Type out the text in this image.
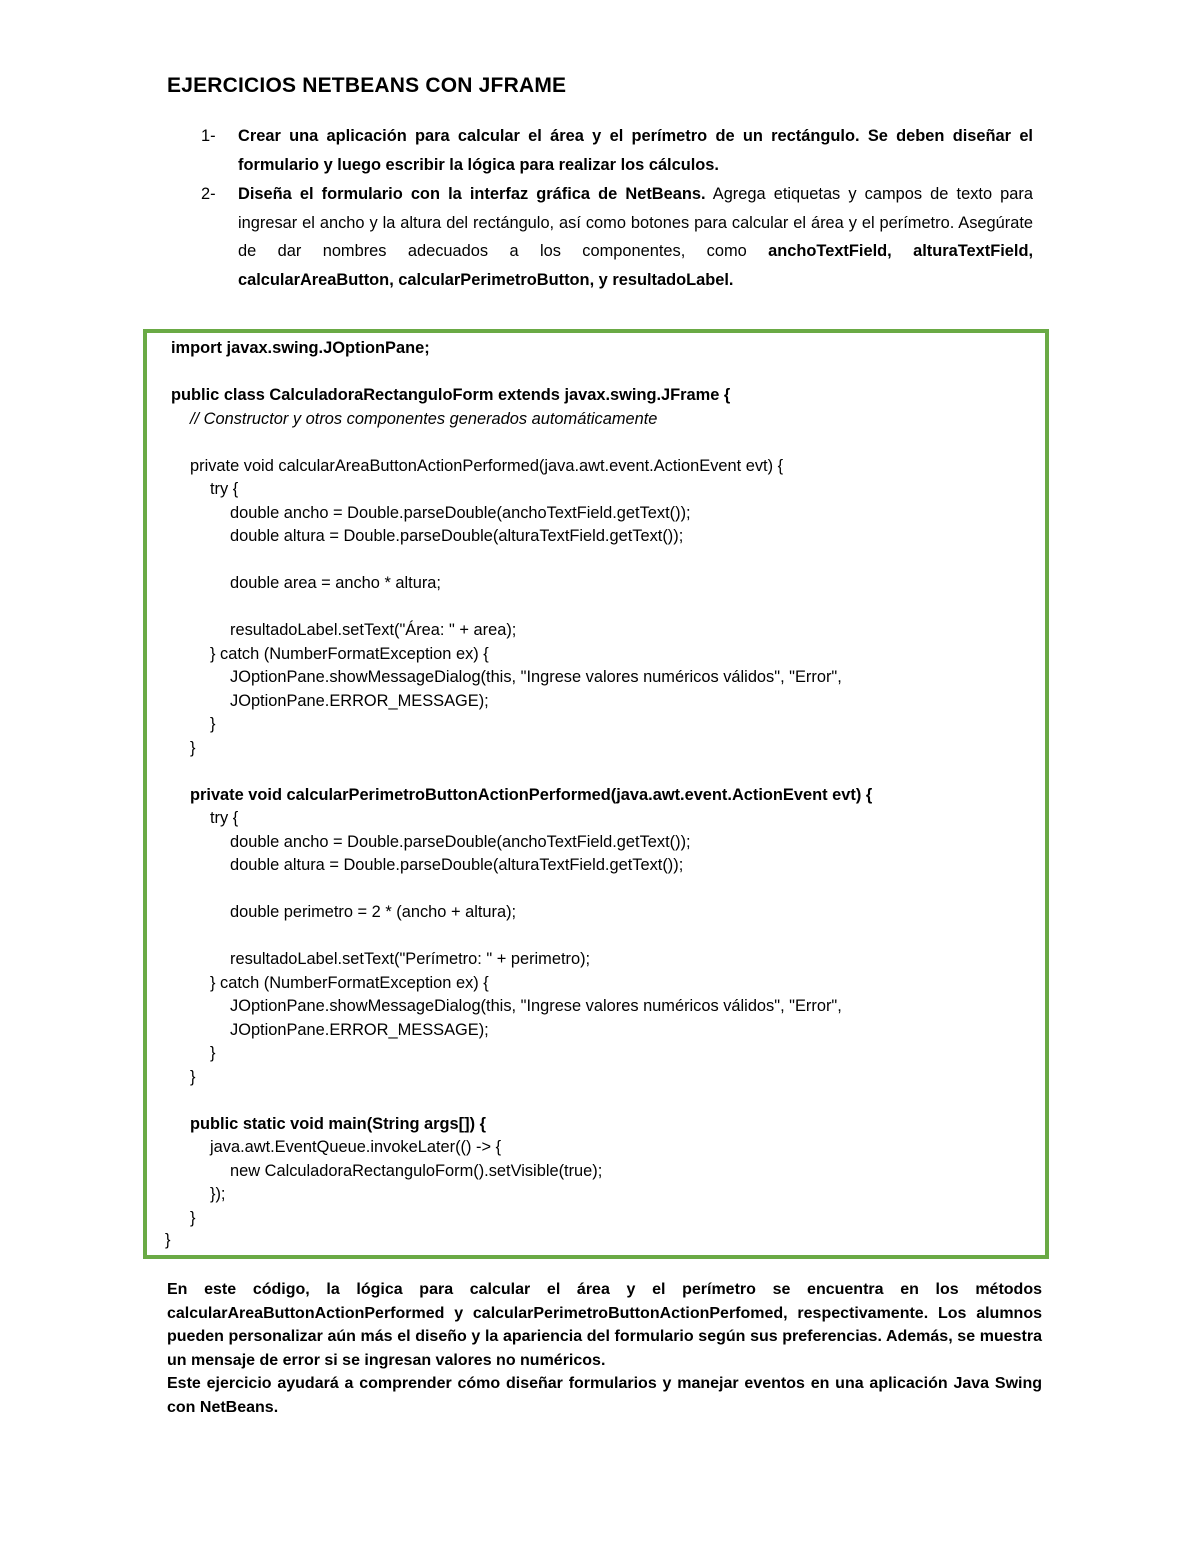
EJERCICIOS NETBEANS CON JFRAME
1- Crear una aplicación para calcular el área y el perímetro de un rectángulo. Se deben diseñar el formulario y luego escribir la lógica para realizar los cálculos.
2- Diseña el formulario con la interfaz gráfica de NetBeans. Agrega etiquetas y campos de texto para ingresar el ancho y la altura del rectángulo, así como botones para calcular el área y el perímetro. Asegúrate de dar nombres adecuados a los componentes, como anchoTextField, alturaTextField, calcularAreaButton, calcularPerimetroButton, y resultadoLabel.
import javax.swing.JOptionPane;
public class CalculadoraRectanguloForm extends javax.swing.JFrame {
// Constructor y otros componentes generados automáticamente
private void calcularAreaButtonActionPerformed(java.awt.event.ActionEvent evt) {
try {
double ancho = Double.parseDouble(anchoTextField.getText());
double altura = Double.parseDouble(alturaTextField.getText());
double area = ancho * altura;
resultadoLabel.setText("Área: " + area);
} catch (NumberFormatException ex) {
JOptionPane.showMessageDialog(this, "Ingrese valores numéricos válidos", "Error",
JOptionPane.ERROR_MESSAGE);
}
}
private void calcularPerimetroButtonActionPerformed(java.awt.event.ActionEvent evt) {
try {
double ancho = Double.parseDouble(anchoTextField.getText());
double altura = Double.parseDouble(alturaTextField.getText());
double perimetro = 2 * (ancho + altura);
resultadoLabel.setText("Perímetro: " + perimetro);
} catch (NumberFormatException ex) {
JOptionPane.showMessageDialog(this, "Ingrese valores numéricos válidos", "Error",
JOptionPane.ERROR_MESSAGE);
}
}
public static void main(String args[]) {
java.awt.EventQueue.invokeLater(() -> {
new CalculadoraRectanguloForm().setVisible(true);
});
}
}

En este código, la lógica para calcular el área y el perímetro se encuentra en los métodos calcularAreaButtonActionPerformed y calcularPerimetroButtonActionPerfomed, respectivamente. Los alumnos pueden personalizar aún más el diseño y la apariencia del formulario según sus preferencias. Además, se muestra un mensaje de error si se ingresan valores no numéricos.

Este ejercicio ayudará a comprender cómo diseñar formularios y manejar eventos en una aplicación Java Swing con NetBeans.
